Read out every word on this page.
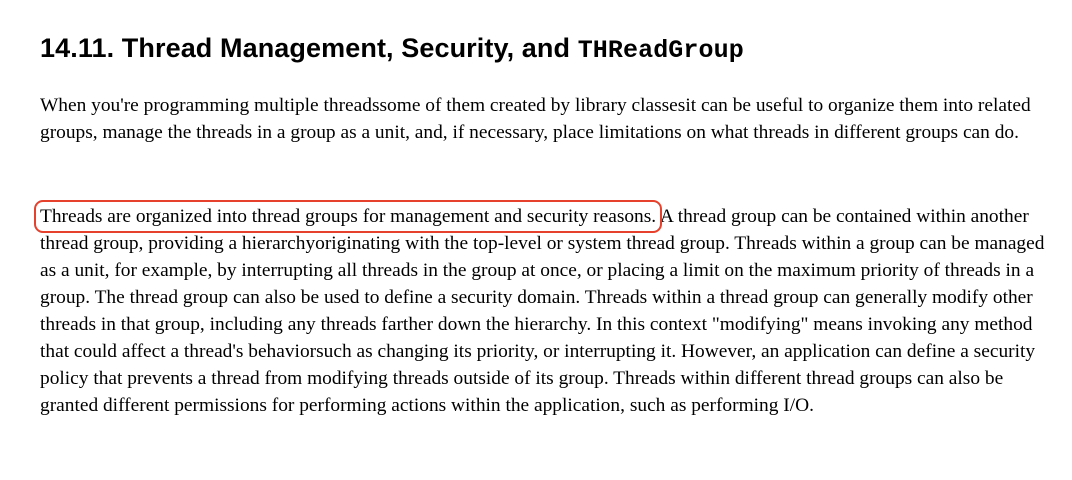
14.11. Thread Management, Security, and THReadGroup

When you're programming multiple threadssome of them created by library classesit can be useful to organize them into related groups, manage the threads in a group as a unit, and, if necessary, place limitations on what threads in different groups can do.

Threads are organized into thread groups for management and security reasons. A thread group can be contained within another thread group, providing a hierarchyoriginating with the top-level or system thread group. Threads within a group can be managed as a unit, for example, by interrupting all threads in the group at once, or placing a limit on the maximum priority of threads in a group. The thread group can also be used to define a security domain. Threads within a thread group can generally modify other threads in that group, including any threads farther down the hierarchy. In this context "modifying" means invoking any method that could affect a thread's behaviorsuch as changing its priority, or interrupting it. However, an application can define a security policy that prevents a thread from modifying threads outside of its group. Threads within different thread groups can also be granted different permissions for performing actions within the application, such as performing I/O.
